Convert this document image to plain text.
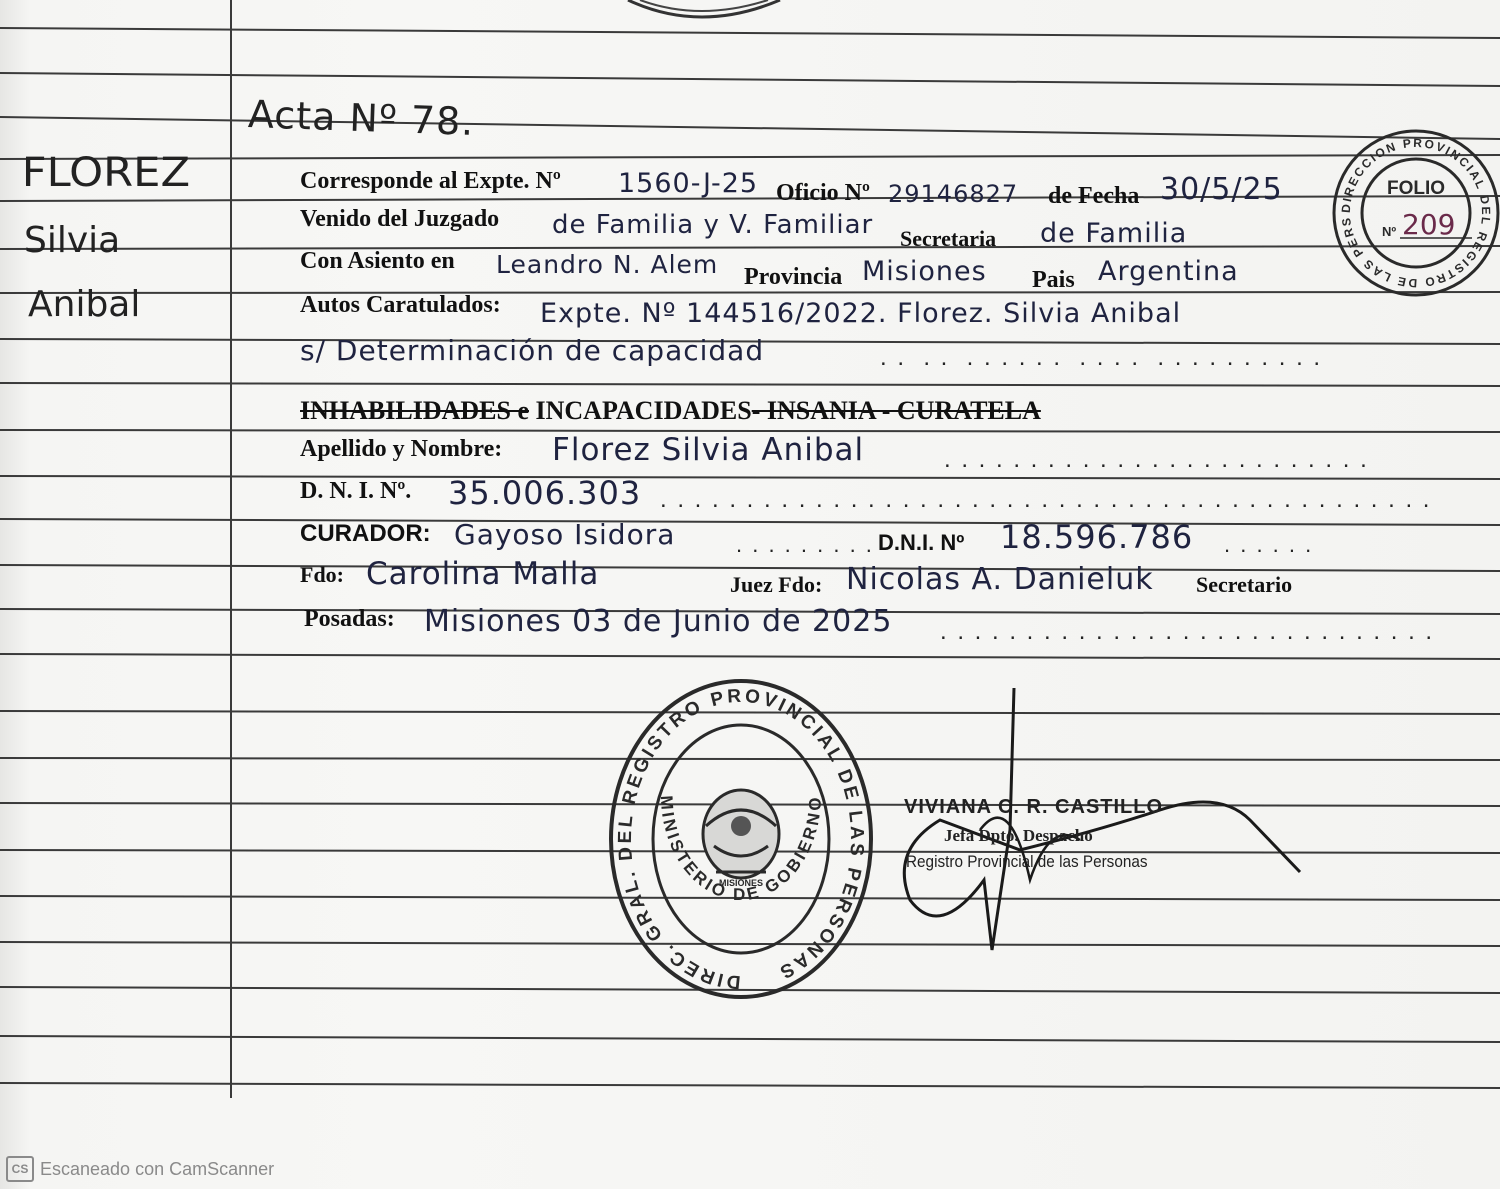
FLOREZ
Silvia
Anibal
Acta Nº 78.
DIRECCION PROVINCIAL DEL REGISTRO DE LAS PERS
FOLIO
Nº 209
Corresponde al Expte. Nº 1560-J-25 Oficio Nº 29146827 de Fecha 30/5/25
Venido del Juzgado de Familia y V. Familiar Secretaria de Familia
Con Asiento en Leandro N. Alem Provincia Misiones Pais Argentina
Autos Caratulados: Expte. Nº 144516/2022. Florez. Silvia Anibal
s/ Determinación de capacidad	. .  . .  . . . . . .  . . . .  . . . . . . . . . .
INHABILIDADES e INCAPACIDADES- INSANIA - CURATELA
Apellido y Nombre: Florez Silvia Anibal	. . . . . . . . . . . . . . . . . . . . . . . . .
D. N. I. Nº. 35.006.303 . . . . . . . . . . . . . . . . . . . . . . . . . . . . . . . . . . . . . . . . . . . . .
CURADOR: Gayoso Isidora	. . . . . . . . . D.N.I. Nº 18.596.786 . . . . . .
Fdo: Carolina Malla	Juez Fdo: Nicolas A. Danieluk Secretario
Posadas: Misiones 03 de Junio de 2025 . . . . . . . . . . . . . . . . . . . . . . . . . . . . .
DIREC. GRAL. DEL REGISTRO PROVINCIAL DE LAS PERSONAS
MINISTERIO DE GOBIERNO
MISIONES
VIVIANA C. R. CASTILLO
Jefa Dpto. Despacho
Registro Provincial de las Personas
CS Escaneado con CamScanner
